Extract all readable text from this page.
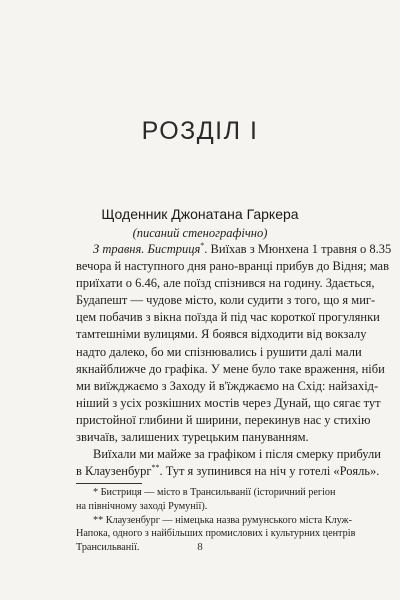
РОЗДІЛ І
Щоденник Джонатана Гаркера
(писаний стенографічно)
З травня. Бистриця*. Виїхав з Мюнхена 1 травня о 8.35
вечора й наступного дня рано-вранці прибув до Відня; мав
приїхати о 6.46, але поїзд спізнився на годину. Здається,
Будапешт — чудове місто, коли судити з того, що я миг-
цем побачив з вікна поїзда й під час короткої прогулянки
тамтешніми вулицями. Я боявся відходити від вокзалу
надто далеко, бо ми спізнювались і рушити далі мали
якнайближче до графіка. У мене було таке враження, ніби
ми виїжджаємо з Заходу й в'їжджаємо на Схід: найзахід-
ніший з усіх розкішних мостів через Дунай, що сягає тут
пристойної глибини й ширини, перекинув нас у стихію
звичаїв, залишених турецьким пануванням.
Виїхали ми майже за графіком і після смерку прибули
в Клаузенбург**. Тут я зупинився на ніч у готелі «Рояль».
* Бистриця — місто в Трансильванії (історичний регіон
на північному заході Румунії).
** Клаузенбург — німецька назва румунського міста Клуж-
Напока, одного з найбільших промислових і культурних центрів
Трансильванії.	8
